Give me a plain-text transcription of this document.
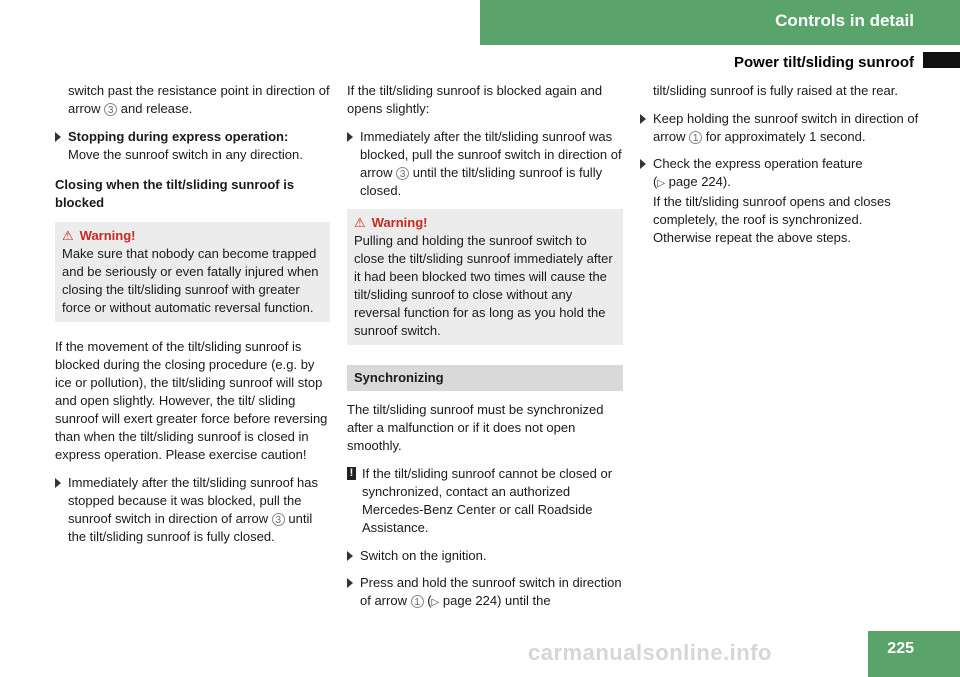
Controls in detail
Power tilt/sliding sunroof

switch past the resistance point in direction of arrow 3 and release.

Stopping during express operation:
Move the sunroof switch in any direction.

Closing when the tilt/sliding sunroof is blocked

⚠ Warning!
Make sure that nobody can become trapped and be seriously or even fatally injured when closing the tilt/sliding sunroof with greater force or without automatic reversal function.

If the movement of the tilt/sliding sunroof is blocked during the closing procedure (e.g. by ice or pollution), the tilt/sliding sunroof will stop and open slightly. However, the tilt/ sliding sunroof will exert greater force before reversing than when the tilt/sliding sunroof is closed in express operation. Please exercise caution!

Immediately after the tilt/sliding sunroof has stopped because it was blocked, pull the sunroof switch in direction of arrow 3 until the tilt/sliding sunroof is fully closed.

If the tilt/sliding sunroof is blocked again and opens slightly:

Immediately after the tilt/sliding sunroof was blocked, pull the sunroof switch in direction of arrow 3 until the tilt/sliding sunroof is fully closed.
⚠ Warning!
Pulling and holding the sunroof switch to close the tilt/sliding sunroof immediately after it had been blocked two times will cause the tilt/sliding sunroof to close without any reversal function for as long as you hold the sunroof switch.
Synchronizing

The tilt/sliding sunroof must be synchronized after a malfunction or if it does not open smoothly.

! If the tilt/sliding sunroof cannot be closed or synchronized, contact an authorized Mercedes-Benz Center or call Roadside Assistance.
Switch on the ignition.
Press and hold the sunroof switch in direction of arrow 1 (▷ page 224) until the

tilt/sliding sunroof is fully raised at the rear.

Keep holding the sunroof switch in direction of arrow 1 for approximately 1 second.
Check the express operation feature
(▷ page 224).
If the tilt/sliding sunroof opens and closes completely, the roof is synchronized. Otherwise repeat the above steps.
carmanualsonline.info	225
